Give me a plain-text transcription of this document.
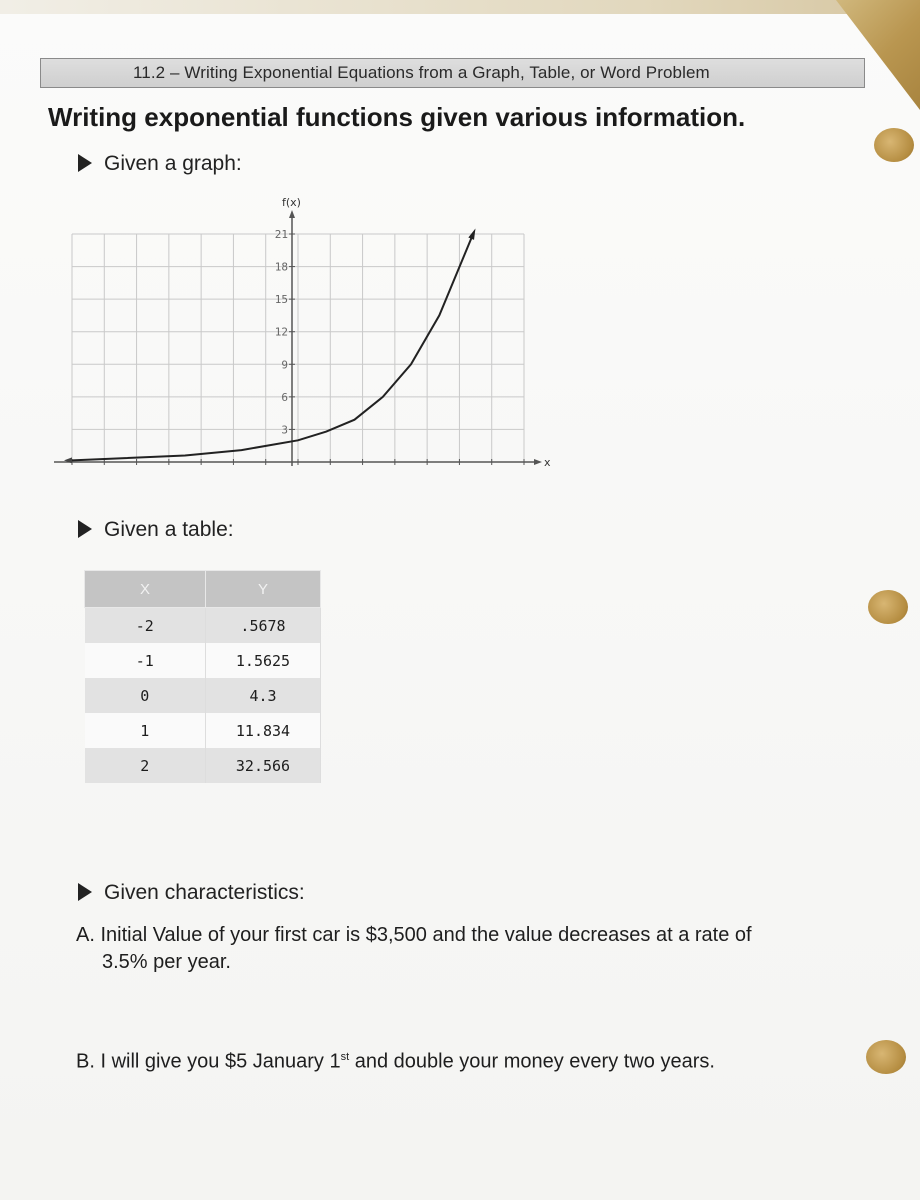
11.2 – Writing Exponential Equations from a Graph, Table, or Word Problem
Writing exponential functions given various information.
Given a graph:
21
18
15
12
9
6
3
f(x)
x
Given a table:
X	Y
-2	.5678
-1	1.5625
0	4.3
1	11.834
2	32.566
Given characteristics:
A. Initial Value of your first car is $3,500 and the value decreases at a rate of
3.5% per year.
B. I will give you $5 January 1st and double your money every two years.
